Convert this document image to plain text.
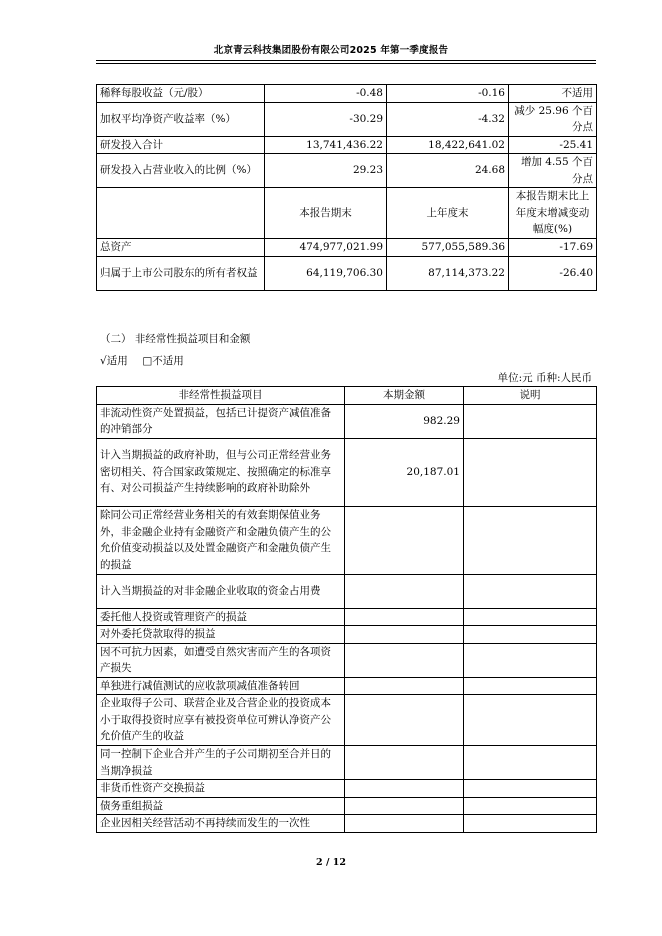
北京青云科技集团股份有限公司2025 年第一季度报告
稀释每股收益（元/股）	-0.48	-0.16	不适用
加权平均净资产收益率（%）	-30.29	-4.32	减少 25.96 个百分点
研发投入合计	13,741,436.22	18,422,641.02	-25.41
研发投入占营业收入的比例（%）	29.23	24.68	增加 4.55 个百分点
	本报告期末	上年度末	本报告期末比上年度末增减变动幅度(%)
总资产	474,977,021.99	577,055,589.36	-17.69
归属于上市公司股东的所有者权益	64,119,706.30	87,114,373.22	-26.40
（二） 非经常性损益项目和金额
√适用 □不适用
单位:元 币种:人民币
非经常性损益项目	本期金额	说明
非流动性资产处置损益，包括已计提资产减值准备的冲销部分	982.29	
计入当期损益的政府补助，但与公司正常经营业务密切相关、符合国家政策规定、按照确定的标准享有、对公司损益产生持续影响的政府补助除外	20,187.01	
除同公司正常经营业务相关的有效套期保值业务外，非金融企业持有金融资产和金融负债产生的公允价值变动损益以及处置金融资产和金融负债产生的损益		
计入当期损益的对非金融企业收取的资金占用费		
委托他人投资或管理资产的损益		
对外委托贷款取得的损益		
因不可抗力因素，如遭受自然灾害而产生的各项资产损失		
单独进行减值测试的应收款项减值准备转回		
企业取得子公司、联营企业及合营企业的投资成本小于取得投资时应享有被投资单位可辨认净资产公允价值产生的收益		
同一控制下企业合并产生的子公司期初至合并日的当期净损益		
非货币性资产交换损益		
债务重组损益		
企业因相关经营活动不再持续而发生的一次性		
2 / 12
